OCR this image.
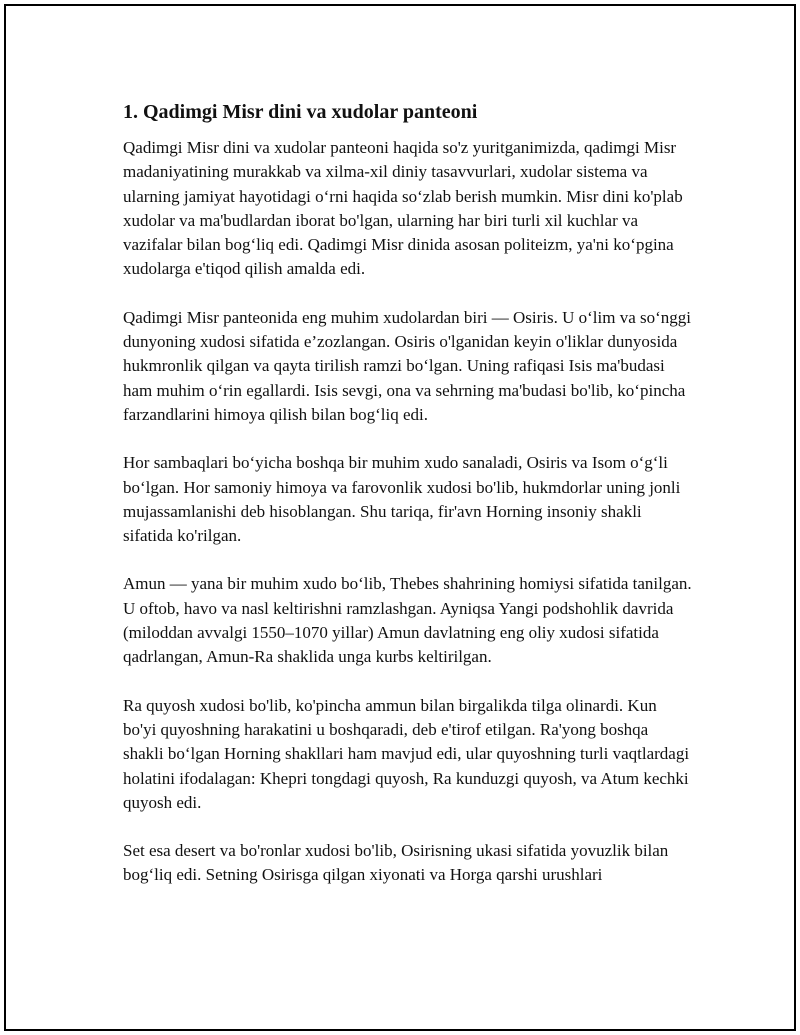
1. Qadimgi Misr dini va xudolar panteoni

Qadimgi Misr dini va xudolar panteoni haqida so'z yuritganimizda, qadimgi Misr madaniyatining murakkab va xilma-xil diniy tasavvurlari, xudolar sistema va ularning jamiyat hayotidagi oʻrni haqida soʻzlab berish mumkin. Misr dini ko'plab xudolar va ma'budlardan iborat bo'lgan, ularning har biri turli xil kuchlar va vazifalar bilan bogʻliq edi. Qadimgi Misr dinida asosan politeizm, ya'ni koʻpgina xudolarga e'tiqod qilish amalda edi.

Qadimgi Misr panteonida eng muhim xudolardan biri — Osiris. U oʻlim va soʻnggi dunyoning xudosi sifatida e’zozlangan. Osiris o'lganidan keyin o'liklar dunyosida hukmronlik qilgan va qayta tirilish ramzi boʻlgan. Uning rafiqasi Isis ma'budasi ham muhim oʻrin egallardi. Isis sevgi, ona va sehrning ma'budasi bo'lib, koʻpincha farzandlarini himoya qilish bilan bogʻliq edi.

Hor sambaqlari boʻyicha boshqa bir muhim xudo sanaladi, Osiris va Isom oʻgʻli boʻlgan. Hor samoniy himoya va farovonlik xudosi bo'lib, hukmdorlar uning jonli mujassamlanishi deb hisoblangan. Shu tariqa, fir'avn Horning insoniy shakli sifatida ko'rilgan.

Amun — yana bir muhim xudo boʻlib, Thebes shahrining homiysi sifatida tanilgan. U oftob, havo va nasl keltirishni ramzlashgan. Ayniqsa Yangi podshohlik davrida (miloddan avvalgi 1550–1070 yillar) Amun davlatning eng oliy xudosi sifatida qadrlangan, Amun-Ra shaklida unga kurbs keltirilgan.

Ra quyosh xudosi bo'lib, ko'pincha ammun bilan birgalikda tilga olinardi. Kun bo'yi quyoshning harakatini u boshqaradi, deb e'tirof etilgan. Ra'yong boshqa shakli boʻlgan Horning shakllari ham mavjud edi, ular quyoshning turli vaqtlardagi holatini ifodalagan: Khepri tongdagi quyosh, Ra kunduzgi quyosh, va Atum kechki quyosh edi.

Set esa desert va bo'ronlar xudosi bo'lib, Osirisning ukasi sifatida yovuzlik bilan bogʻliq edi. Setning Osirisga qilgan xiyonati va Horga qarshi urushlari
